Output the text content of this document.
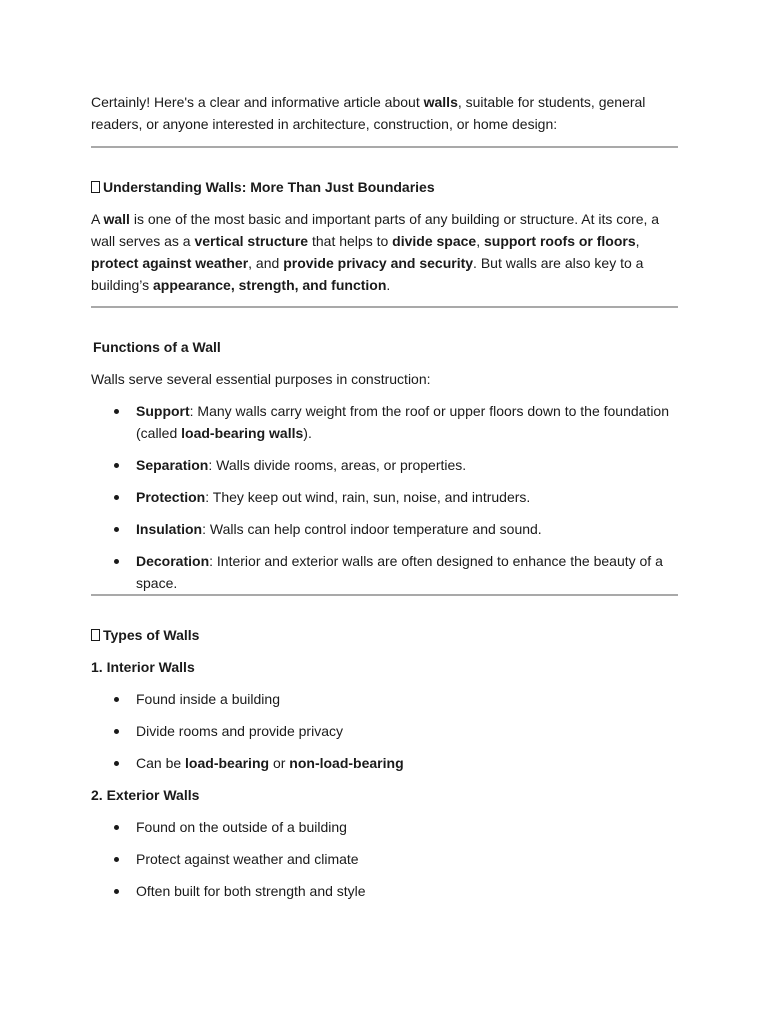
Certainly! Here's a clear and informative article about walls, suitable for students, general readers, or anyone interested in architecture, construction, or home design:

Understanding Walls: More Than Just Boundaries

A wall is one of the most basic and important parts of any building or structure. At its core, a wall serves as a vertical structure that helps to divide space, support roofs or floors, protect against weather, and provide privacy and security. But walls are also key to a building’s appearance, strength, and function.

Functions of a Wall

Walls serve several essential purposes in construction:

Support: Many walls carry weight from the roof or upper floors down to the foundation (called load-bearing walls).
Separation: Walls divide rooms, areas, or properties.
Protection: They keep out wind, rain, sun, noise, and intruders.
Insulation: Walls can help control indoor temperature and sound.
Decoration: Interior and exterior walls are often designed to enhance the beauty of a space.
Types of Walls
1. Interior Walls
Found inside a building
Divide rooms and provide privacy
Can be load-bearing or non-load-bearing
2. Exterior Walls
Found on the outside of a building
Protect against weather and climate
Often built for both strength and style
